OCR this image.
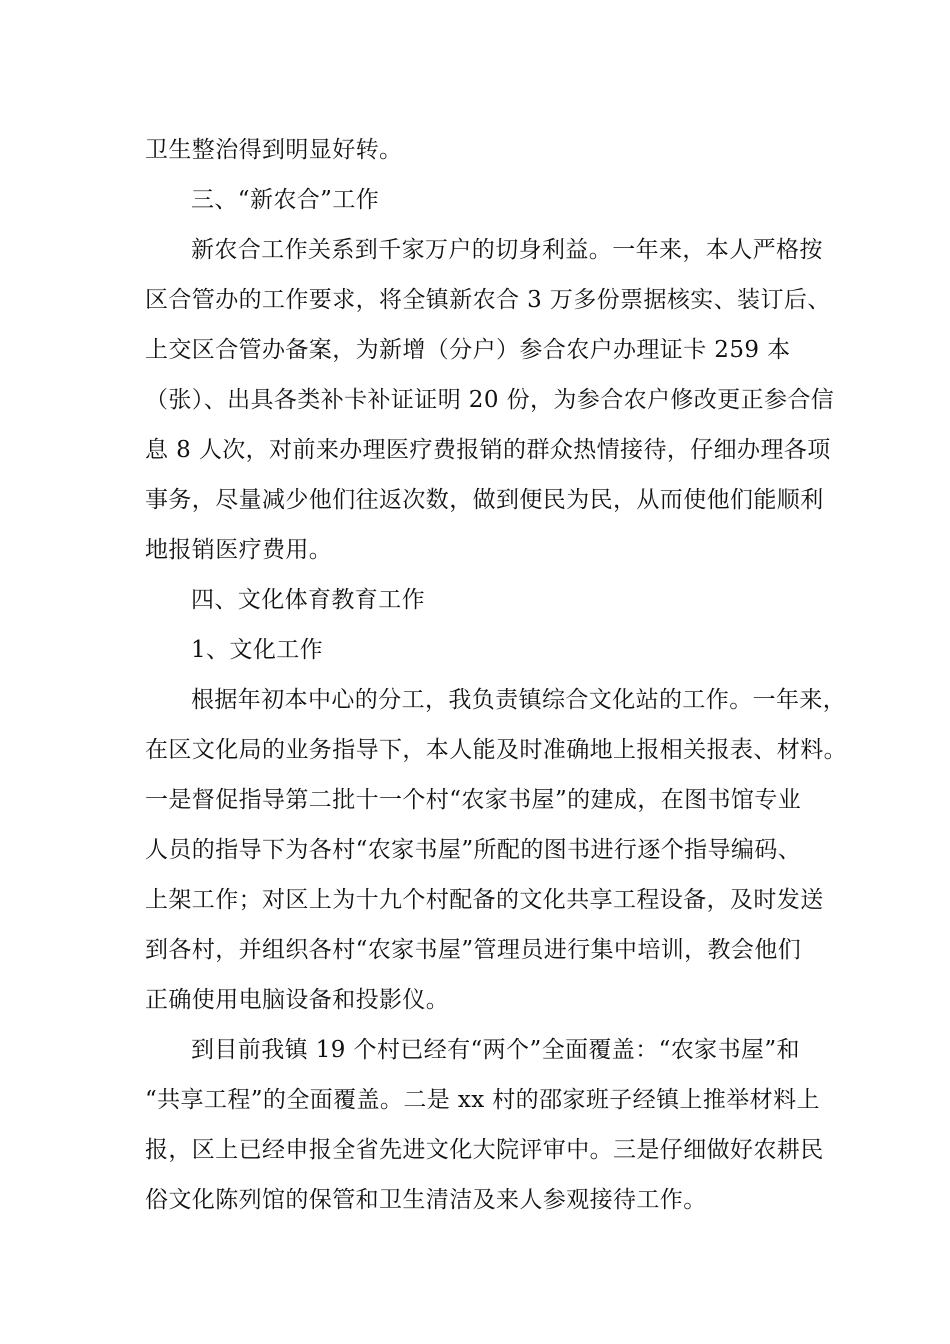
卫生整治得到明显好转。
三、“新农合”工作
新农合工作关系到千家万户的切身利益。一年来，本人严格按
区合管办的工作要求，将全镇新农合 3 万多份票据核实、装订后、
上交区合管办备案，为新增（分户）参合农户办理证卡 259 本
（张）、出具各类补卡补证证明 20 份，为参合农户修改更正参合信
息 8 人次，对前来办理医疗费报销的群众热情接待，仔细办理各项
事务，尽量减少他们往返次数，做到便民为民，从而使他们能顺利
地报销医疗费用。
四、文化体育教育工作
1、文化工作
根据年初本中心的分工，我负责镇综合文化站的工作。一年来，
在区文化局的业务指导下，本人能及时准确地上报相关报表、材料。
一是督促指导第二批十一个村“农家书屋”的建成，在图书馆专业
人员的指导下为各村“农家书屋”所配的图书进行逐个指导编码、
上架工作；对区上为十九个村配备的文化共享工程设备，及时发送
到各村，并组织各村“农家书屋”管理员进行集中培训，教会他们
正确使用电脑设备和投影仪。
到目前我镇 19 个村已经有“两个”全面覆盖：“农家书屋”和
“共享工程”的全面覆盖。二是 xx 村的邵家班子经镇上推举材料上
报，区上已经申报全省先进文化大院评审中。三是仔细做好农耕民
俗文化陈列馆的保管和卫生清洁及来人参观接待工作。
